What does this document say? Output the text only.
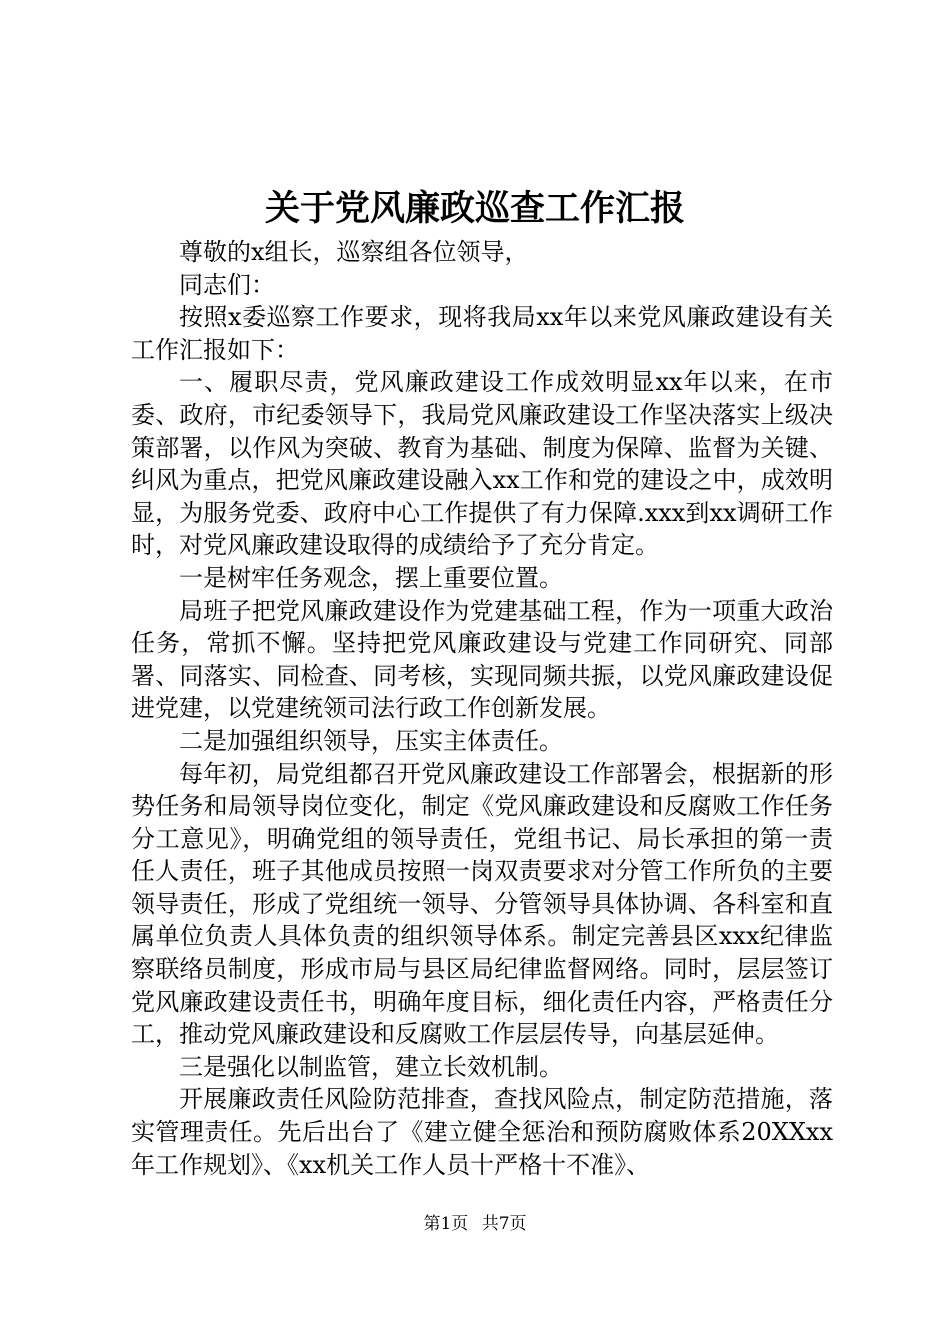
关于党风廉政巡查工作汇报

尊敬的x组长，巡察组各位领导，

同志们：

按照x委巡察工作要求，现将我局xx年以来党风廉政建设有关工作汇报如下：

一、履职尽责，党风廉政建设工作成效明显xx年以来，在市委、政府，市纪委领导下，我局党风廉政建设工作坚决落实上级决策部署，以作风为突破、教育为基础、制度为保障、监督为关键、纠风为重点，把党风廉政建设融入xx工作和党的建设之中，成效明显，为服务党委、政府中心工作提供了有力保障.xxx到xx调研工作时，对党风廉政建设取得的成绩给予了充分肯定。

一是树牢任务观念，摆上重要位置。

局班子把党风廉政建设作为党建基础工程，作为一项重大政治任务，常抓不懈。坚持把党风廉政建设与党建工作同研究、同部署、同落实、同检查、同考核，实现同频共振，以党风廉政建设促进党建，以党建统领司法行政工作创新发展。

二是加强组织领导，压实主体责任。

每年初，局党组都召开党风廉政建设工作部署会，根据新的形势任务和局领导岗位变化，制定《党风廉政建设和反腐败工作任务分工意见》，明确党组的领导责任，党组书记、局长承担的第一责任人责任，班子其他成员按照一岗双责要求对分管工作所负的主要领导责任，形成了党组统一领导、分管领导具体协调、各科室和直属单位负责人具体负责的组织领导体系。制定完善县区xxx纪律监察联络员制度，形成市局与县区局纪律监督网络。同时，层层签订党风廉政建设责任书，明确年度目标，细化责任内容，严格责任分工，推动党风廉政建设和反腐败工作层层传导，向基层延伸。

三是强化以制监管，建立长效机制。

开展廉政责任风险防范排查，查找风险点，制定防范措施，落实管理责任。先后出台了《建立健全惩治和预防腐败体系20XXxx年工作规划》、《xx机关工作人员十严格十不准》、

第1页 共7页
